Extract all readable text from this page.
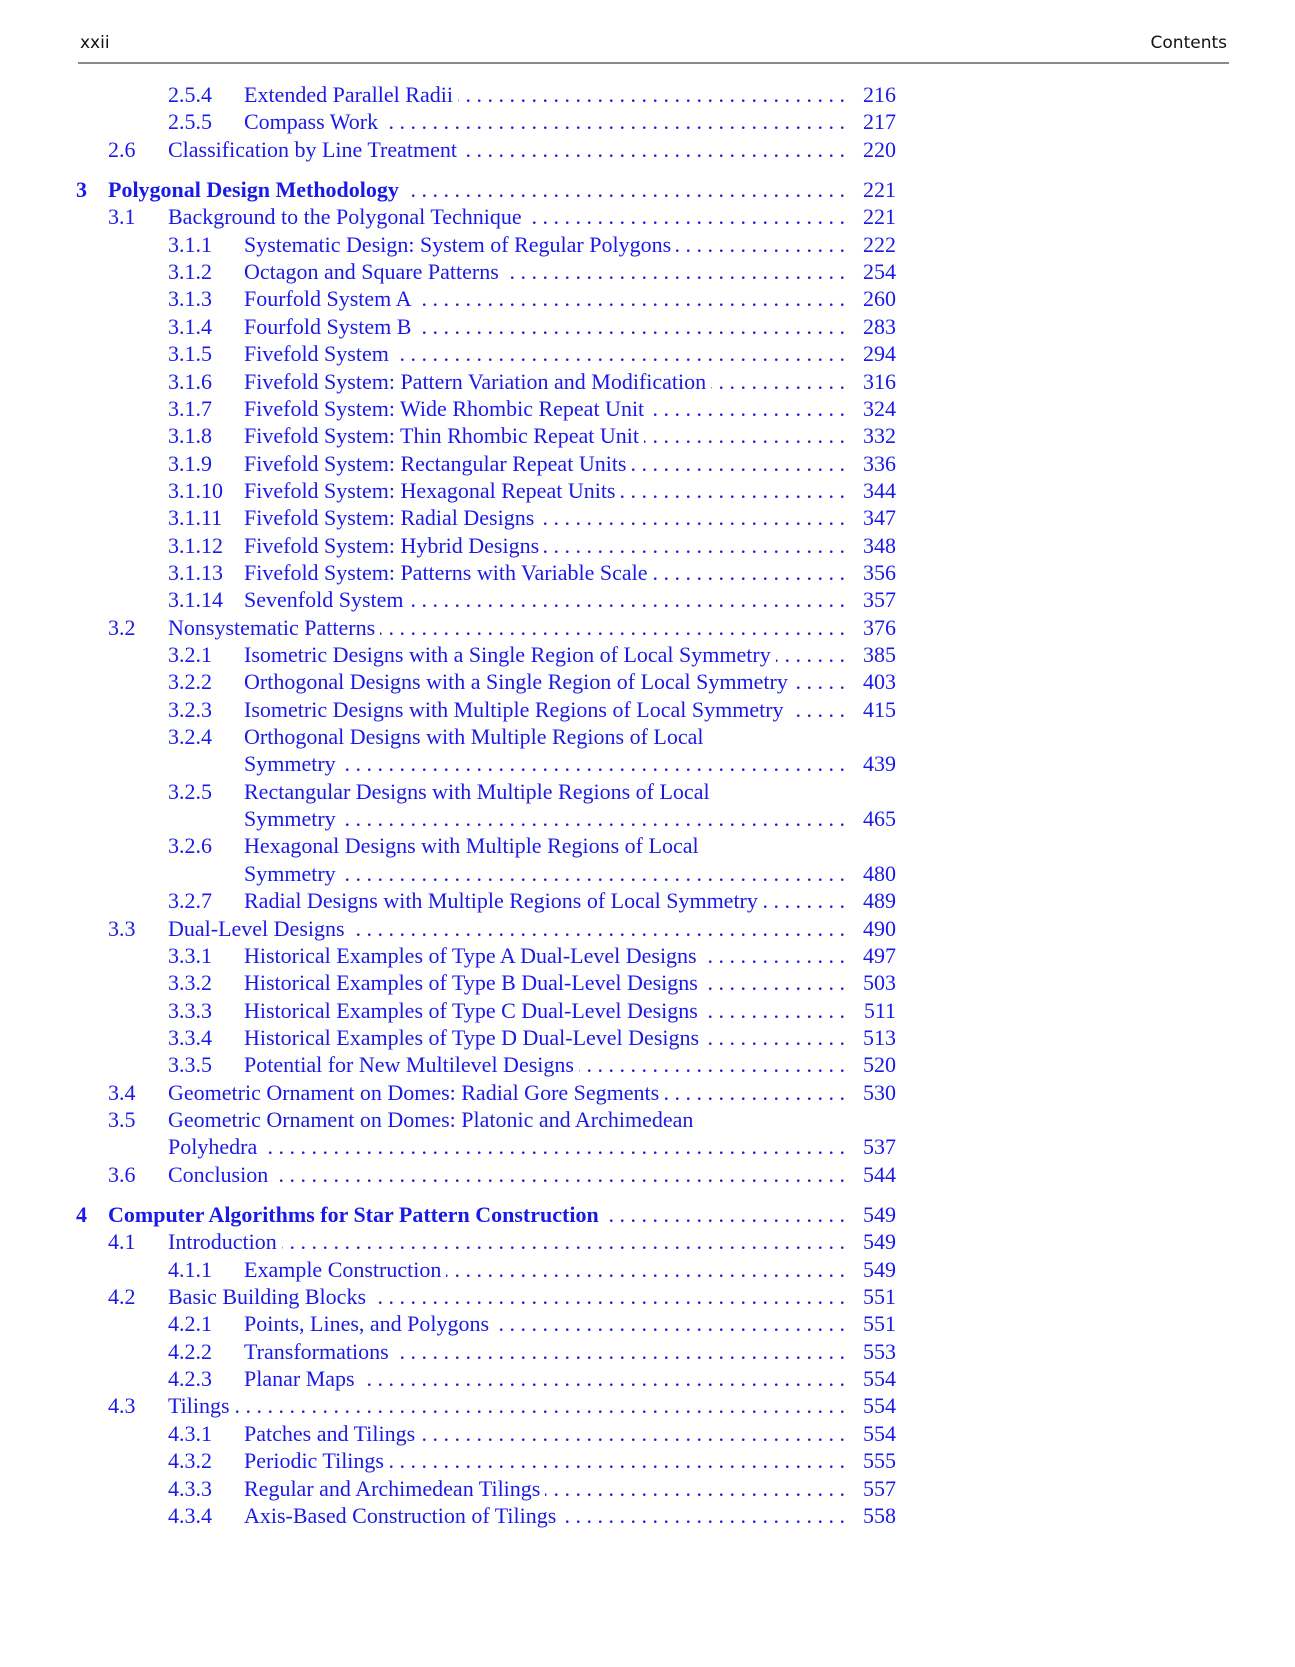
xxii	Contents
2.5.4 Extended Parallel Radii . . .	216
2.5.5 Compass Work . . .	217
2.6 Classification by Line Treatment . . .	220
3 Polygonal Design Methodology . . .	221
3.1 Background to the Polygonal Technique . . .	221
3.1.1 Systematic Design: System of Regular Polygons . . .	222
3.1.2 Octagon and Square Patterns . . .	254
3.1.3 Fourfold System A . . .	260
3.1.4 Fourfold System B . . .	283
3.1.5 Fivefold System . . .	294
3.1.6 Fivefold System: Pattern Variation and Modification . . .	316
3.1.7 Fivefold System: Wide Rhombic Repeat Unit . . .	324
3.1.8 Fivefold System: Thin Rhombic Repeat Unit . . .	332
3.1.9 Fivefold System: Rectangular Repeat Units . . .	336
3.1.10 Fivefold System: Hexagonal Repeat Units . . .	344
3.1.11 Fivefold System: Radial Designs . . .	347
3.1.12 Fivefold System: Hybrid Designs . . .	348
3.1.13 Fivefold System: Patterns with Variable Scale . . .	356
3.1.14 Sevenfold System . . .	357
3.2 Nonsystematic Patterns . . .	376
3.2.1 Isometric Designs with a Single Region of Local Symmetry . . .	385
3.2.2 Orthogonal Designs with a Single Region of Local Symmetry . . .	403
3.2.3 Isometric Designs with Multiple Regions of Local Symmetry . . .	415
3.2.4 Orthogonal Designs with Multiple Regions of Local
Symmetry . . .	439
3.2.5 Rectangular Designs with Multiple Regions of Local
Symmetry . . .	465
3.2.6 Hexagonal Designs with Multiple Regions of Local
Symmetry . . .	480
3.2.7 Radial Designs with Multiple Regions of Local Symmetry . . .	489
3.3 Dual-Level Designs . . .	490
3.3.1 Historical Examples of Type A Dual-Level Designs . . .	497
3.3.2 Historical Examples of Type B Dual-Level Designs . . .	503
3.3.3 Historical Examples of Type C Dual-Level Designs . . .	511
3.3.4 Historical Examples of Type D Dual-Level Designs . . .	513
3.3.5 Potential for New Multilevel Designs . . .	520
3.4 Geometric Ornament on Domes: Radial Gore Segments . . .	530
3.5 Geometric Ornament on Domes: Platonic and Archimedean
Polyhedra . . .	537
3.6 Conclusion . . .	544
4 Computer Algorithms for Star Pattern Construction . . .	549
4.1 Introduction . . .	549
4.1.1 Example Construction . . .	549
4.2 Basic Building Blocks . . .	551
4.2.1 Points, Lines, and Polygons . . .	551
4.2.2 Transformations . . .	553
4.2.3 Planar Maps . . .	554
4.3 Tilings . . .	554
4.3.1 Patches and Tilings . . .	554
4.3.2 Periodic Tilings . . .	555
4.3.3 Regular and Archimedean Tilings . . .	557
4.3.4 Axis-Based Construction of Tilings . . .	558
